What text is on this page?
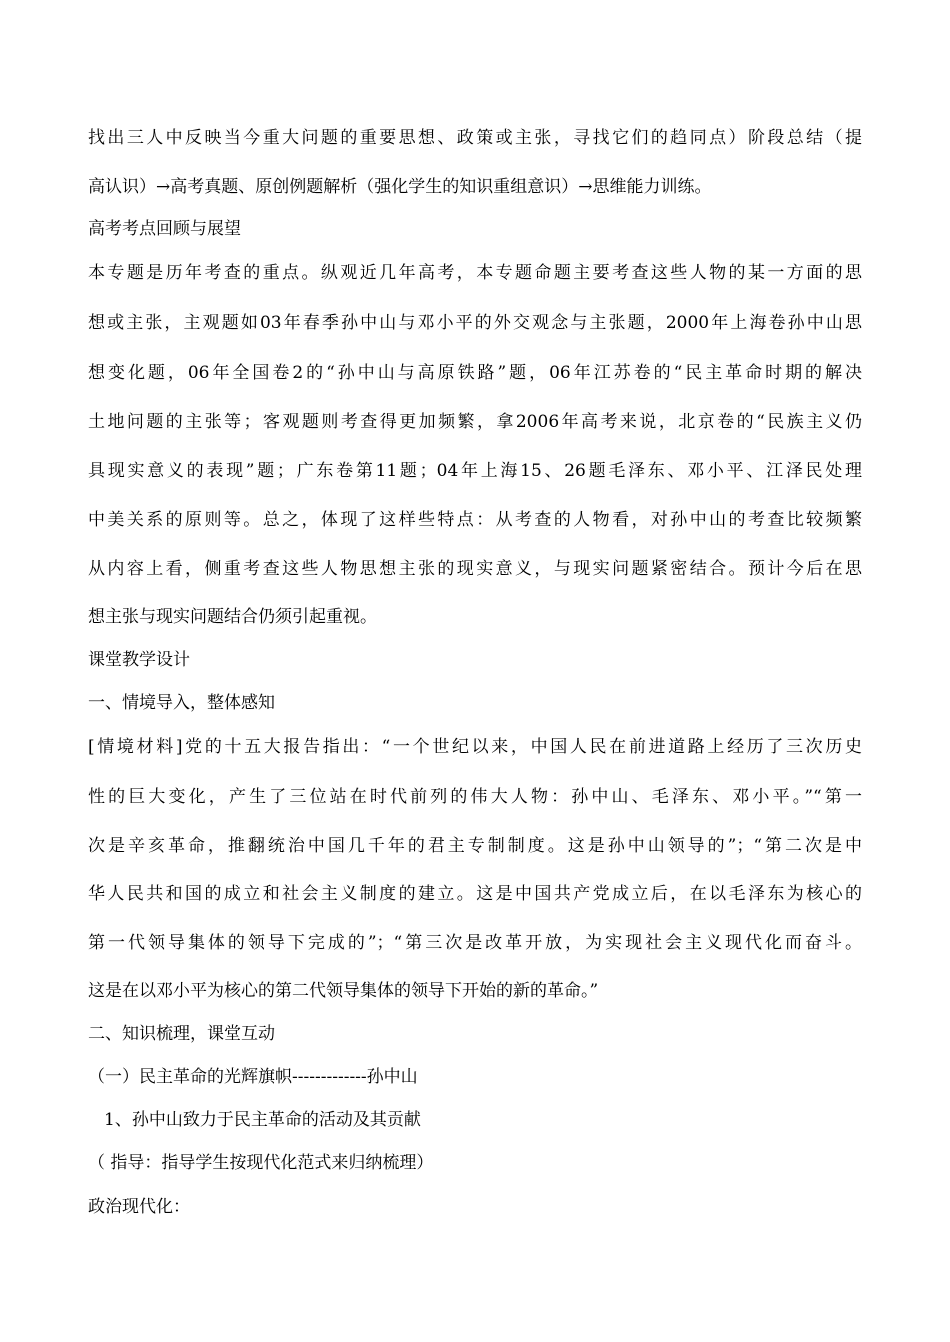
找出三人中反映当今重大问题的重要思想、政策或主张，寻找它们的趋同点）阶段总结（提
高认识）→高考真题、原创例题解析（强化学生的知识重组意识）→思维能力训练。
高考考点回顾与展望
本专题是历年考查的重点。纵观近几年高考，本专题命题主要考查这些人物的某一方面的思
想或主张，主观题如03年春季孙中山与邓小平的外交观念与主张题，2000年上海卷孙中山思
想变化题，06年全国卷2的“孙中山与高原铁路”题，06年江苏卷的“民主革命时期的解决
土地问题的主张等；客观题则考查得更加频繁，拿2006年高考来说，北京卷的“民族主义仍
具现实意义的表现”题；广东卷第11题；04年上海15、26题毛泽东、邓小平、江泽民处理
中美关系的原则等。总之，体现了这样些特点：从考查的人物看，对孙中山的考查比较频繁
从内容上看，侧重考查这些人物思想主张的现实意义，与现实问题紧密结合。预计今后在思
想主张与现实问题结合仍须引起重视。
课堂教学设计
一、情境导入，整体感知
[情境材料]党的十五大报告指出：“一个世纪以来，中国人民在前进道路上经历了三次历史
性的巨大变化，产生了三位站在时代前列的伟大人物：孙中山、毛泽东、邓小平。”“第一
次是辛亥革命，推翻统治中国几千年的君主专制制度。这是孙中山领导的”；“第二次是中
华人民共和国的成立和社会主义制度的建立。这是中国共产党成立后，在以毛泽东为核心的
第一代领导集体的领导下完成的”；“第三次是改革开放，为实现社会主义现代化而奋斗。
这是在以邓小平为核心的第二代领导集体的领导下开始的新的革命。”
二、知识梳理，课堂互动
（一）民主革命的光辉旗帜-------------孙中山
1、孙中山致力于民主革命的活动及其贡献
（ 指导：指导学生按现代化范式来归纳梳理）
政治现代化：
